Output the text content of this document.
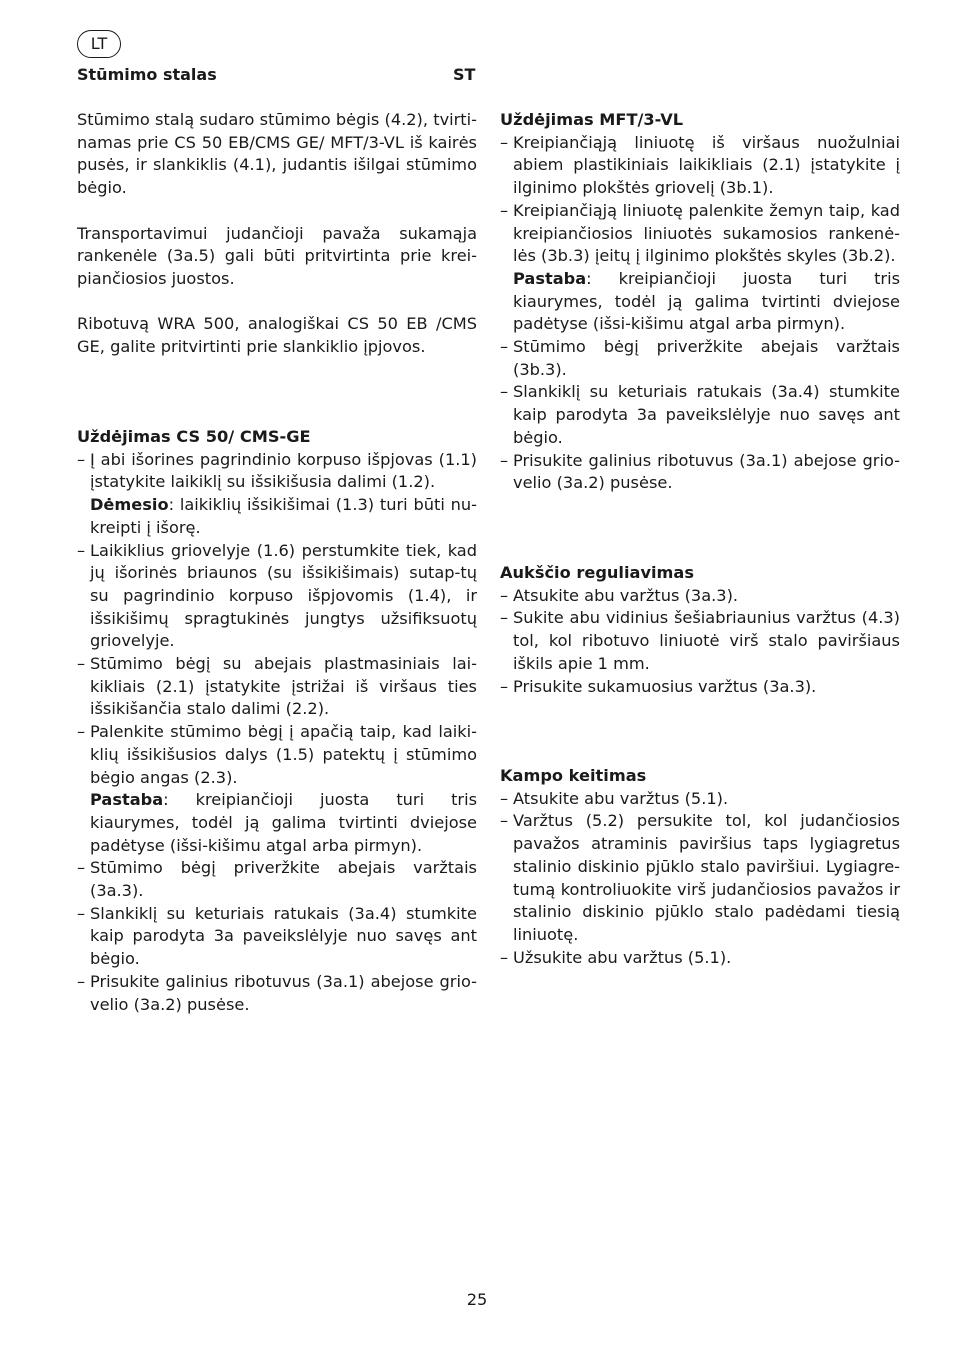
LT
Stūmimo stalas	ST

Stūmimo stalą sudaro stūmimo bėgis (4.2), tvirti-namas prie CS 50 EB/CMS GE/ MFT/3-VL iš kairės pusės, ir slankiklis (4.1), judantis išilgai stūmimo bėgio.

Transportavimui judančioji pavaža sukamąja rankenėle (3a.5) gali būti pritvirtinta prie krei-piančiosios juostos.

Ribotuvą WRA 500, analogiškai CS 50 EB /CMS GE, galite pritvirtinti prie slankiklio įpjovos.

Uždėjimas CS 50/ CMS-GE

– Į abi išorines pagrindinio korpuso išpjovas (1.1) įstatykite laikiklį su išsikišusia dalimi (1.2).
Dėmesio: laikiklių išsikišimai (1.3) turi būti nu-kreipti į išorę.
– Laikiklius griovelyje (1.6) perstumkite tiek, kad jų išorinės briaunos (su išsikišimais) sutap-tų su pagrindinio korpuso išpjovomis (1.4), ir išsikišimų spragtukinės jungtys užsifiksuotų griovelyje.
– Stūmimo bėgį su abejais plastmasiniais lai-kikliais (2.1) įstatykite įstrižai iš viršaus ties išsikišančia stalo dalimi (2.2).
– Palenkite stūmimo bėgį į apačią taip, kad laiki-klių išsikišusios dalys (1.5) patektų į stūmimo bėgio angas (2.3).
Pastaba: kreipiančioji juosta turi tris kiaurymes, todėl ją galima tvirtinti dviejose padėtyse (išsi-kišimu atgal arba pirmyn).
– Stūmimo bėgį priveržkite abejais varžtais (3a.3).
– Slankiklį su keturiais ratukais (3a.4) stumkite kaip parodyta 3a paveikslėlyje nuo savęs ant bėgio.
– Prisukite galinius ribotuvus (3a.1) abejose grio-velio (3a.2) pusėse.

Uždėjimas MFT/3-VL

– Kreipiančiąją liniuotę iš viršaus nuožulniai abiem plastikiniais laikikliais (2.1) įstatykite į ilginimo plokštės griovelį (3b.1).
– Kreipiančiąją liniuotę palenkite žemyn taip, kad kreipiančiosios liniuotės sukamosios rankenė-lės (3b.3) įeitų į ilginimo plokštės skyles (3b.2).
Pastaba: kreipiančioji juosta turi tris kiaurymes, todėl ją galima tvirtinti dviejose padėtyse (išsi-kišimu atgal arba pirmyn).
– Stūmimo bėgį priveržkite abejais varžtais (3b.3).
– Slankiklį su keturiais ratukais (3a.4) stumkite kaip parodyta 3a paveikslėlyje nuo savęs ant bėgio.
– Prisukite galinius ribotuvus (3a.1) abejose grio-velio (3a.2) pusėse.

Aukščio reguliavimas

– Atsukite abu varžtus (3a.3).
– Sukite abu vidinius šešiabriaunius varžtus (4.3) tol, kol ribotuvo liniuotė virš stalo paviršiaus iškils apie 1 mm.
– Prisukite sukamuosius varžtus (3a.3).

Kampo keitimas

– Atsukite abu varžtus (5.1).
– Varžtus (5.2) persukite tol, kol judančiosios pavažos atraminis paviršius taps lygiagretus stalinio diskinio pjūklo stalo paviršiui. Lygiagre-tumą kontroliuokite virš judančiosios pavažos ir stalinio diskinio pjūklo stalo padėdami tiesią liniuotę.
– Užsukite abu varžtus (5.1).
25
